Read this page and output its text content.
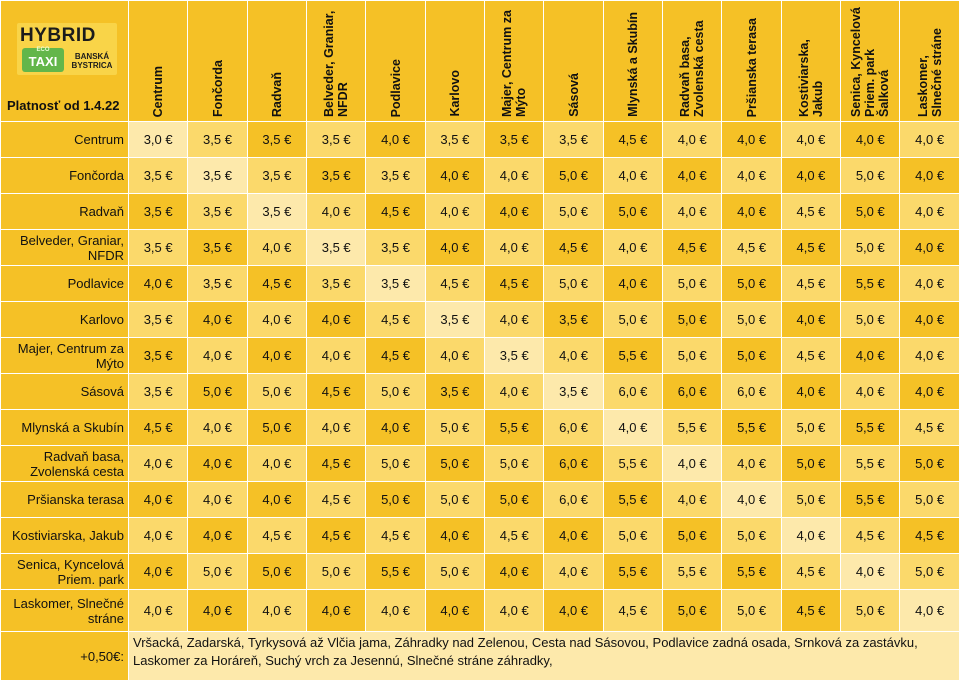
HYBRID
ECO
TAXI BANSKÁ BYSTRICA
Platnosť od 1.4.22	Centrum	Fončorda	Radvaň	Belveder, Graniar, NFDR	Podlavice	Karlovo	Majer, Centrum za Mýto	Sásová	Mlynská a Skubín	Radvaň basa, Zvolenská cesta	Pršianska terasa	Kostiviarska, Jakub	Senica, Kyncelová Priem. park Šalková	Laskomer, Slnečné stráne

Centrum	3,0 €	3,5 €	3,5 €	3,5 €	4,0 €	3,5 €	3,5 €	3,5 €	4,5 €	4,0 €	4,0 €	4,0 €	4,0 €	4,0 €
Fončorda	3,5 €	3,5 €	3,5 €	3,5 €	3,5 €	4,0 €	4,0 €	5,0 €	4,0 €	4,0 €	4,0 €	4,0 €	5,0 €	4,0 €
Radvaň	3,5 €	3,5 €	3,5 €	4,0 €	4,5 €	4,0 €	4,0 €	5,0 €	5,0 €	4,0 €	4,0 €	4,5 €	5,0 €	4,0 €
Belveder, Graniar, NFDR	3,5 €	3,5 €	4,0 €	3,5 €	3,5 €	4,0 €	4,0 €	4,5 €	4,0 €	4,5 €	4,5 €	4,5 €	5,0 €	4,0 €
Podlavice	4,0 €	3,5 €	4,5 €	3,5 €	3,5 €	4,5 €	4,5 €	5,0 €	4,0 €	5,0 €	5,0 €	4,5 €	5,5 €	4,0 €
Karlovo	3,5 €	4,0 €	4,0 €	4,0 €	4,5 €	3,5 €	4,0 €	3,5 €	5,0 €	5,0 €	5,0 €	4,0 €	5,0 €	4,0 €
Majer, Centrum za Mýto	3,5 €	4,0 €	4,0 €	4,0 €	4,5 €	4,0 €	3,5 €	4,0 €	5,5 €	5,0 €	5,0 €	4,5 €	4,0 €	4,0 €
Sásová	3,5 €	5,0 €	5,0 €	4,5 €	5,0 €	3,5 €	4,0 €	3,5 €	6,0 €	6,0 €	6,0 €	4,0 €	4,0 €	4,0 €
Mlynská a Skubín	4,5 €	4,0 €	5,0 €	4,0 €	4,0 €	5,0 €	5,5 €	6,0 €	4,0 €	5,5 €	5,5 €	5,0 €	5,5 €	4,5 €
Radvaň basa, Zvolenská cesta	4,0 €	4,0 €	4,0 €	4,5 €	5,0 €	5,0 €	5,0 €	6,0 €	5,5 €	4,0 €	4,0 €	5,0 €	5,5 €	5,0 €
Pršianska terasa	4,0 €	4,0 €	4,0 €	4,5 €	5,0 €	5,0 €	5,0 €	6,0 €	5,5 €	4,0 €	4,0 €	5,0 €	5,5 €	5,0 €
Kostiviarska, Jakub	4,0 €	4,0 €	4,5 €	4,5 €	4,5 €	4,0 €	4,5 €	4,0 €	5,0 €	5,0 €	5,0 €	4,0 €	4,5 €	4,5 €
Senica, Kyncelová Priem. park	4,0 €	5,0 €	5,0 €	5,0 €	5,5 €	5,0 €	4,0 €	4,0 €	5,5 €	5,5 €	5,5 €	4,5 €	4,0 €	5,0 €
Laskomer, Slnečné stráne	4,0 €	4,0 €	4,0 €	4,0 €	4,0 €	4,0 €	4,0 €	4,0 €	4,5 €	5,0 €	5,0 €	4,5 €	5,0 €	4,0 €
+0,50€:	Vršacká, Zadarská, Tyrkysová až Vlčia jama, Záhradky nad Zelenou, Cesta nad Sásovou, Podlavice zadná osada, Srnková za zastávku, Laskomer za Horáreň, Suchý vrch za Jesennú, Slnečné stráne záhradky,													
